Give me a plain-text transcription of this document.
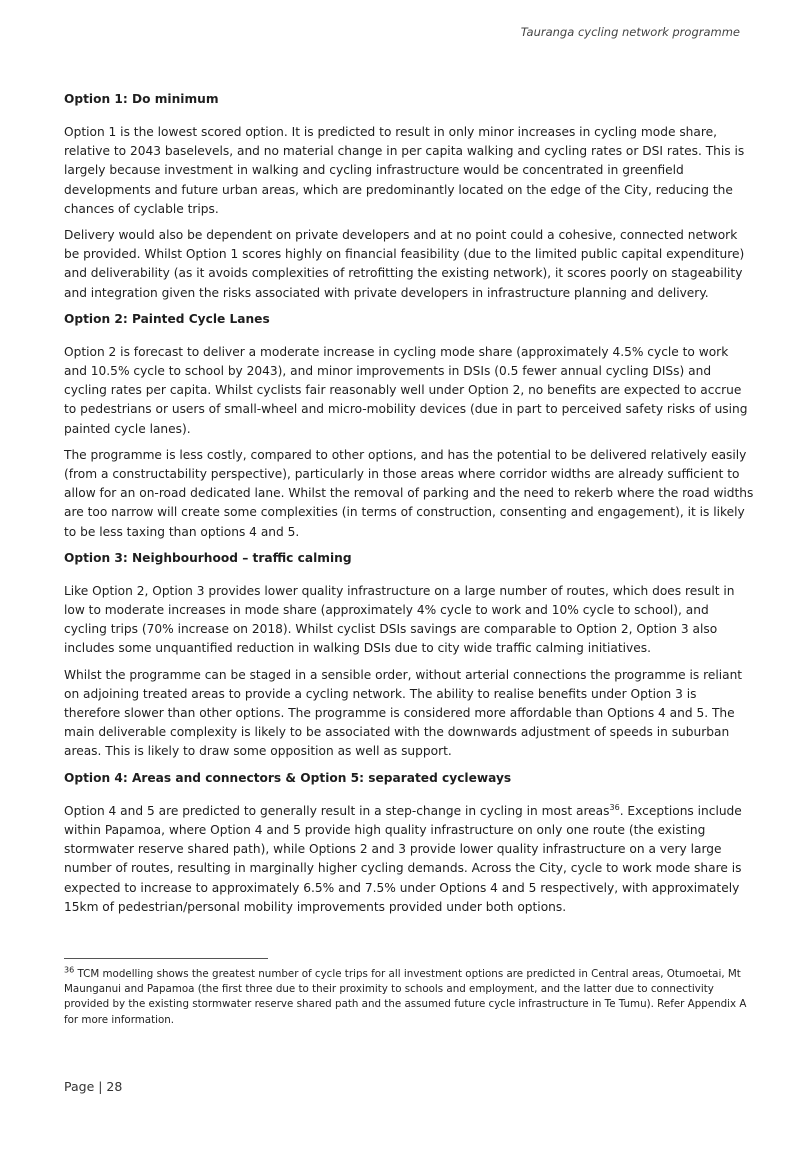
Tauranga cycling network programme

Option 1: Do minimum

Option 1 is the lowest scored option. It is predicted to result in only minor increases in cycling mode share, relative to 2043 baselevels, and no material change in per capita walking and cycling rates or DSI rates. This is largely because investment in walking and cycling infrastructure would be concentrated in greenfield developments and future urban areas, which are predominantly located on the edge of the City, reducing the chances of cyclable trips.

Delivery would also be dependent on private developers and at no point could a cohesive, connected network be provided. Whilst Option 1 scores highly on financial feasibility (due to the limited public capital expenditure) and deliverability (as it avoids complexities of retrofitting the existing network), it scores poorly on stageability and integration given the risks associated with private developers in infrastructure planning and delivery.

Option 2: Painted Cycle Lanes

Option 2 is forecast to deliver a moderate increase in cycling mode share (approximately 4.5% cycle to work and 10.5% cycle to school by 2043), and minor improvements in DSIs (0.5 fewer annual cycling DISs) and cycling rates per capita. Whilst cyclists fair reasonably well under Option 2, no benefits are expected to accrue to pedestrians or users of small-wheel and micro-mobility devices (due in part to perceived safety risks of using painted cycle lanes).

The programme is less costly, compared to other options, and has the potential to be delivered relatively easily (from a constructability perspective), particularly in those areas where corridor widths are already sufficient to allow for an on-road dedicated lane. Whilst the removal of parking and the need to rekerb where the road widths are too narrow will create some complexities (in terms of construction, consenting and engagement), it is likely to be less taxing than options 4 and 5.

Option 3: Neighbourhood – traffic calming

Like Option 2, Option 3 provides lower quality infrastructure on a large number of routes, which does result in low to moderate increases in mode share (approximately 4% cycle to work and 10% cycle to school), and cycling trips (70% increase on 2018). Whilst cyclist DSIs savings are comparable to Option 2, Option 3 also includes some unquantified reduction in walking DSIs due to city wide traffic calming initiatives.

Whilst the programme can be staged in a sensible order, without arterial connections the programme is reliant on adjoining treated areas to provide a cycling network. The ability to realise benefits under Option 3 is therefore slower than other options. The programme is considered more affordable than Options 4 and 5. The main deliverable complexity is likely to be associated with the downwards adjustment of speeds in suburban areas. This is likely to draw some opposition as well as support.

Option 4: Areas and connectors & Option 5: separated cycleways

Option 4 and 5 are predicted to generally result in a step-change in cycling in most areas$^{36}$. Exceptions include within Papamoa, where Option 4 and 5 provide high quality infrastructure on only one route (the existing stormwater reserve shared path), while Options 2 and 3 provide lower quality infrastructure on a very large number of routes, resulting in marginally higher cycling demands. Across the City, cycle to work mode share is expected to increase to approximately 6.5% and 7.5% under Options 4 and 5 respectively, with approximately 15km of pedestrian/personal mobility improvements provided under both options.

$^{36}$ TCM modelling shows the greatest number of cycle trips for all investment options are predicted in Central areas, Otumoetai, Mt Maunganui and Papamoa (the first three due to their proximity to schools and employment, and the latter due to connectivity provided by the existing stormwater reserve shared path and the assumed future cycle infrastructure in Te Tumu). Refer Appendix A for more information.
Page | 28
